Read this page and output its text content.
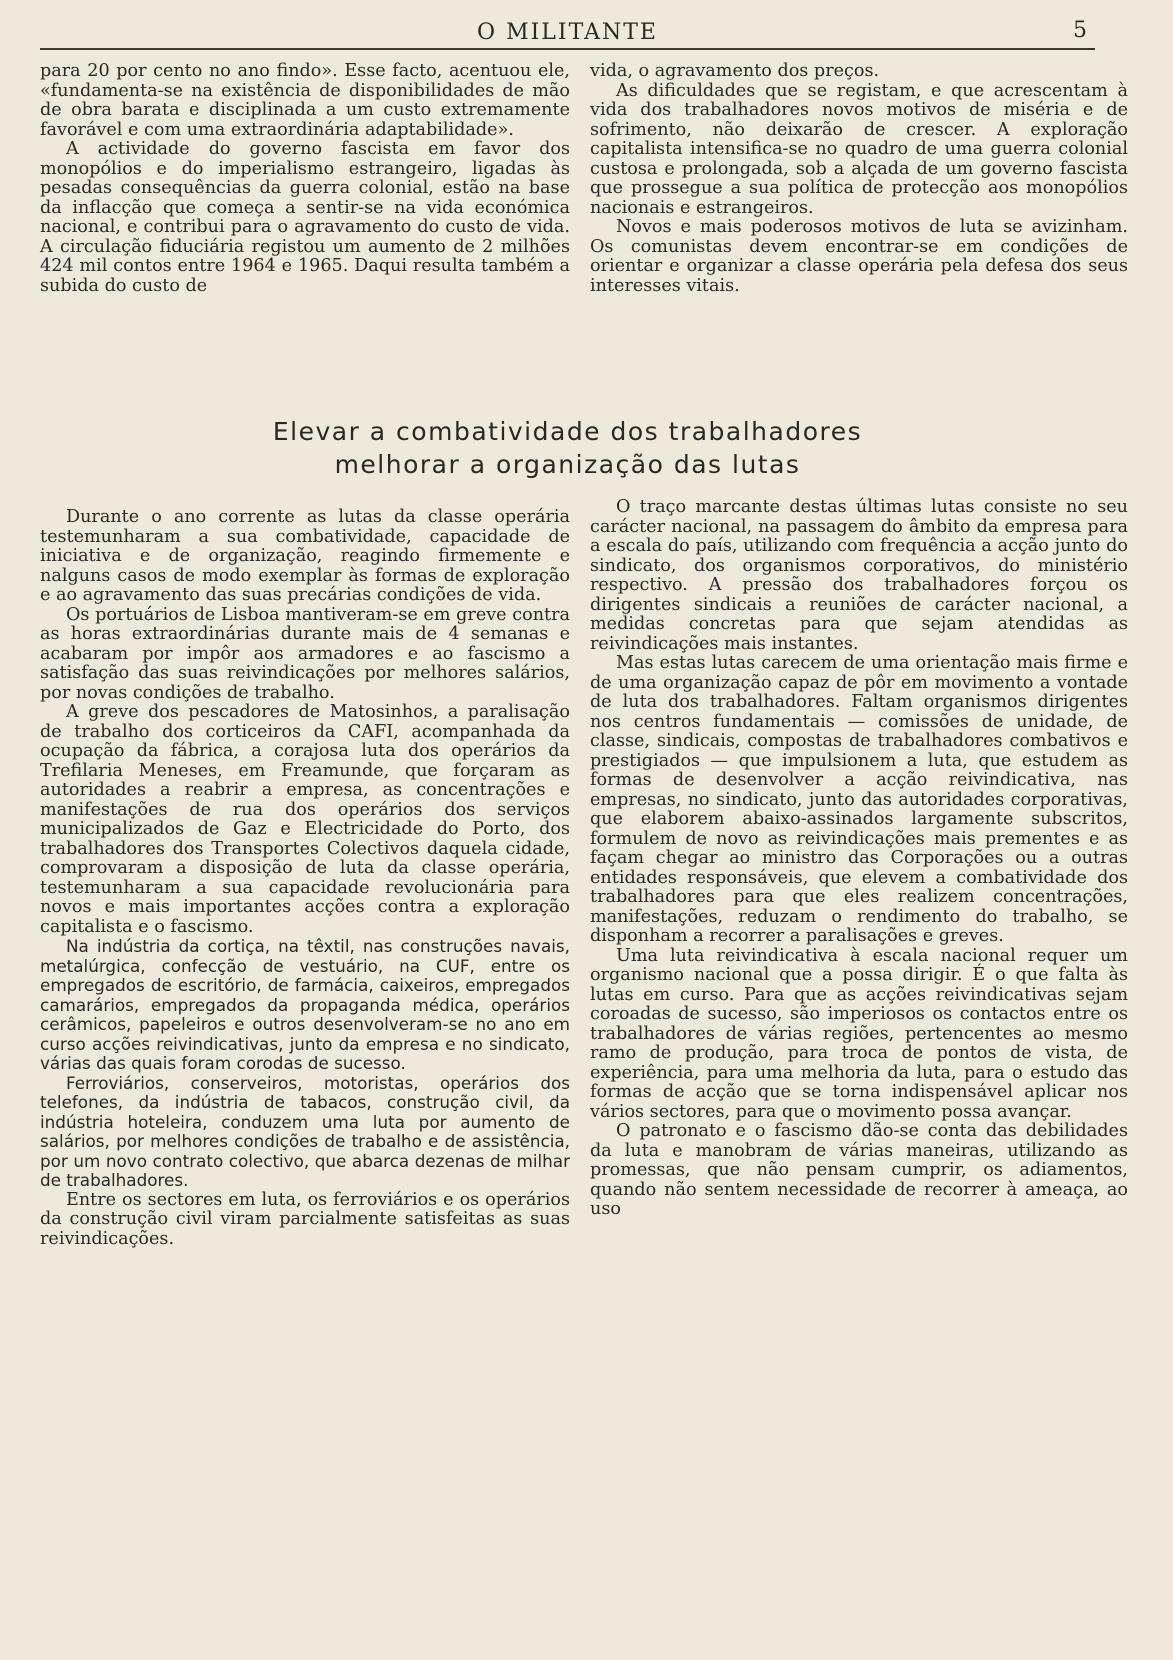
O MILITANTE	5

para 20 por cento no ano findo». Esse facto, acentuou ele, «fundamenta-se na existência de disponibilidades de mão de obra barata e disciplinada a um custo extremamente favorável e com uma extraordinária adaptabilidade».

A actividade do governo fascista em favor dos monopólios e do imperialismo estrangeiro, ligadas às pesadas consequências da guerra colonial, estão na base da inflacção que começa a sentir-se na vida económica nacional, e contribui para o agravamento do custo de vida. A circulação fiduciária registou um aumento de 2 milhões 424 mil contos entre 1964 e 1965. Daqui resulta também a subida do custo de

vida, o agravamento dos preços.

As dificuldades que se registam, e que acrescentam à vida dos trabalhadores novos motivos de miséria e de sofrimento, não deixarão de crescer. A exploração capitalista intensifica-se no quadro de uma guerra colonial custosa e prolongada, sob a alçada de um governo fascista que prossegue a sua política de protecção aos monopólios nacionais e estrangeiros.

Novos e mais poderosos motivos de luta se avizinham. Os comunistas devem encontrar-se em condições de orientar e organizar a classe operária pela defesa dos seus interesses vitais.

Elevar a combatividade dos trabalhadores
melhorar a organização das lutas

Durante o ano corrente as lutas da classe operária testemunharam a sua combatividade, capacidade de iniciativa e de organização, reagindo firmemente e nalguns casos de modo exemplar às formas de exploração e ao agravamento das suas precárias condições de vida.

Os portuários de Lisboa mantiveram-se em greve contra as horas extraordinárias durante mais de 4 semanas e acabaram por impôr aos armadores e ao fascismo a satisfação das suas reivindicações por melhores salários, por novas condições de trabalho.

A greve dos pescadores de Matosinhos, a paralisação de trabalho dos corticeiros da CAFI, acompanhada da ocupação da fábrica, a corajosa luta dos operários da Trefilaria Meneses, em Freamunde, que forçaram as autoridades a reabrir a empresa, as concentrações e manifestações de rua dos operários dos serviços municipalizados de Gaz e Electricidade do Porto, dos trabalhadores dos Transportes Colectivos daquela cidade, comprovaram a disposição de luta da classe operária, testemunharam a sua capacidade revolucionária para novos e mais importantes acções contra a exploração capitalista e o fascismo.

Na indústria da cortiça, na têxtil, nas construções navais, metalúrgica, confecção de vestuário, na CUF, entre os empregados de escritório, de farmácia, caixeiros, empregados camarários, empregados da propaganda médica, operários cerâmicos, papeleiros e outros desenvolveram-se no ano em curso acções reivindicativas, junto da empresa e no sindicato, várias das quais foram corodas de sucesso.

Ferroviários, conserveiros, motoristas, operários dos telefones, da indústria de tabacos, construção civil, da indústria hoteleira, conduzem uma luta por aumento de salários, por melhores condições de trabalho e de assistência, por um novo contrato colectivo, que abarca dezenas de milhar de trabalhadores.

Entre os sectores em luta, os ferroviários e os operários da construção civil viram parcialmente satisfeitas as suas reivindicações.

O traço marcante destas últimas lutas consiste no seu carácter nacional, na passagem do âmbito da empresa para a escala do país, utilizando com frequência a acção junto do sindicato, dos organismos corporativos, do ministério respectivo. A pressão dos trabalhadores forçou os dirigentes sindicais a reuniões de carácter nacional, a medidas concretas para que sejam atendidas as reivindicações mais instantes.

Mas estas lutas carecem de uma orientação mais firme e de uma organização capaz de pôr em movimento a vontade de luta dos trabalhadores. Faltam organismos dirigentes nos centros fundamentais — comissões de unidade, de classe, sindicais, compostas de trabalhadores combativos e prestigiados — que impulsionem a luta, que estudem as formas de desenvolver a acção reivindicativa, nas empresas, no sindicato, junto das autoridades corporativas, que elaborem abaixo-assinados largamente subscritos, formulem de novo as reivindicações mais prementes e as façam chegar ao ministro das Corporações ou a outras entidades responsáveis, que elevem a combatividade dos trabalhadores para que eles realizem concentrações, manifestações, reduzam o rendimento do trabalho, se disponham a recorrer a paralisações e greves.

Uma luta reivindicativa à escala nacional requer um organismo nacional que a possa dirigir. É o que falta às lutas em curso. Para que as acções reivindicativas sejam coroadas de sucesso, são imperiosos os contactos entre os trabalhadores de várias regiões, pertencentes ao mesmo ramo de produção, para troca de pontos de vista, de experiência, para uma melhoria da luta, para o estudo das formas de acção que se torna indispensável aplicar nos vários sectores, para que o movimento possa avançar.

O patronato e o fascismo dão-se conta das debilidades da luta e manobram de várias maneiras, utilizando as promessas, que não pensam cumprir, os adiamentos, quando não sentem necessidade de recorrer à ameaça, ao uso
